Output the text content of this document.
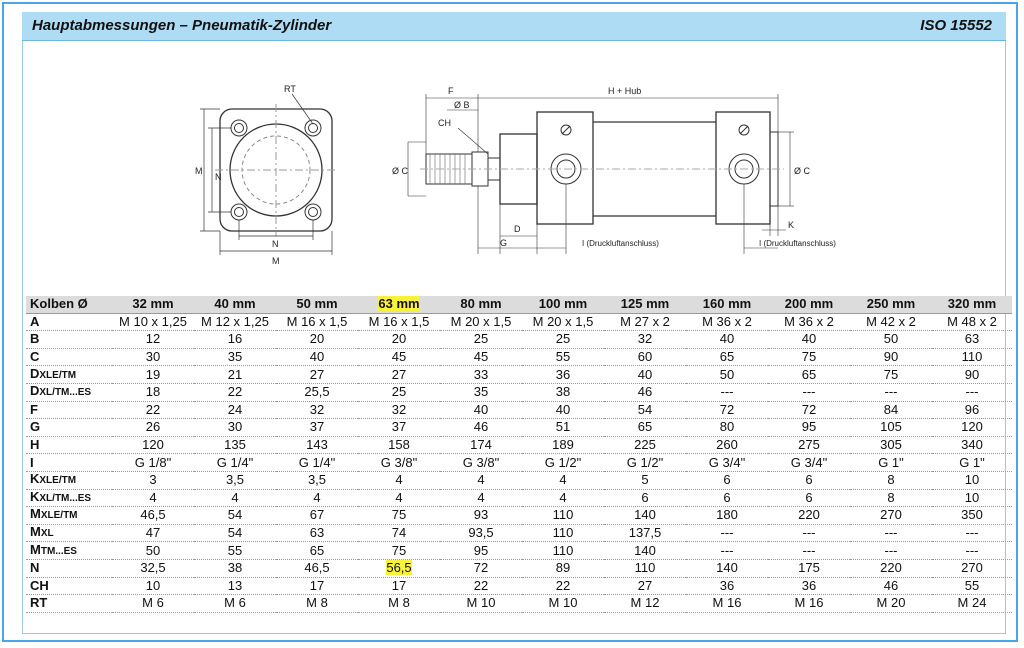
Hauptabmessungen – Pneumatik-Zylinder	ISO 15552
RT
N
M
M
N
F
Ø B
CH
Ø C
H + Hub
D
G	I (Druckluftanschluss)	I (Druckluftanschluss)
K
Ø C
Kolben Ø	32 mm	40 mm	50 mm	63 mm	80 mm	100 mm	125 mm	160 mm	200 mm	250 mm	320 mm
A	M 10 x 1,25	M 12 x 1,25	M 16 x 1,5	M 16 x 1,5	M 20 x 1,5	M 20 x 1,5	M 27 x 2	M 36 x 2	M 36 x 2	M 42 x 2	M 48 x 2
B	12	16	20	20	25	25	32	40	40	50	63
C	30	35	40	45	45	55	60	65	75	90	110
DXLE/TM	19	21	27	27	33	36	40	50	65	75	90
DXL/TM...ES	18	22	25,5	25	35	38	46	---	---	---	---
F	22	24	32	32	40	40	54	72	72	84	96
G	26	30	37	37	46	51	65	80	95	105	120
H	120	135	143	158	174	189	225	260	275	305	340
I	G 1/8"	G 1/4"	G 1/4"	G 3/8"	G 3/8"	G 1/2"	G 1/2"	G 3/4"	G 3/4"	G 1"	G 1"
KXLE/TM	3	3,5	3,5	4	4	4	5	6	6	8	10
KXL/TM...ES	4	4	4	4	4	4	6	6	6	8	10
MXLE/TM	46,5	54	67	75	93	110	140	180	220	270	350
MXL	47	54	63	74	93,5	110	137,5	---	---	---	---
MTM...ES	50	55	65	75	95	110	140	---	---	---	---
N	32,5	38	46,5	56,5	72	89	110	140	175	220	270
CH	10	13	17	17	22	22	27	36	36	46	55
RT	M 6	M 6	M 8	M 8	M 10	M 10	M 12	M 16	M 16	M 20	M 24
